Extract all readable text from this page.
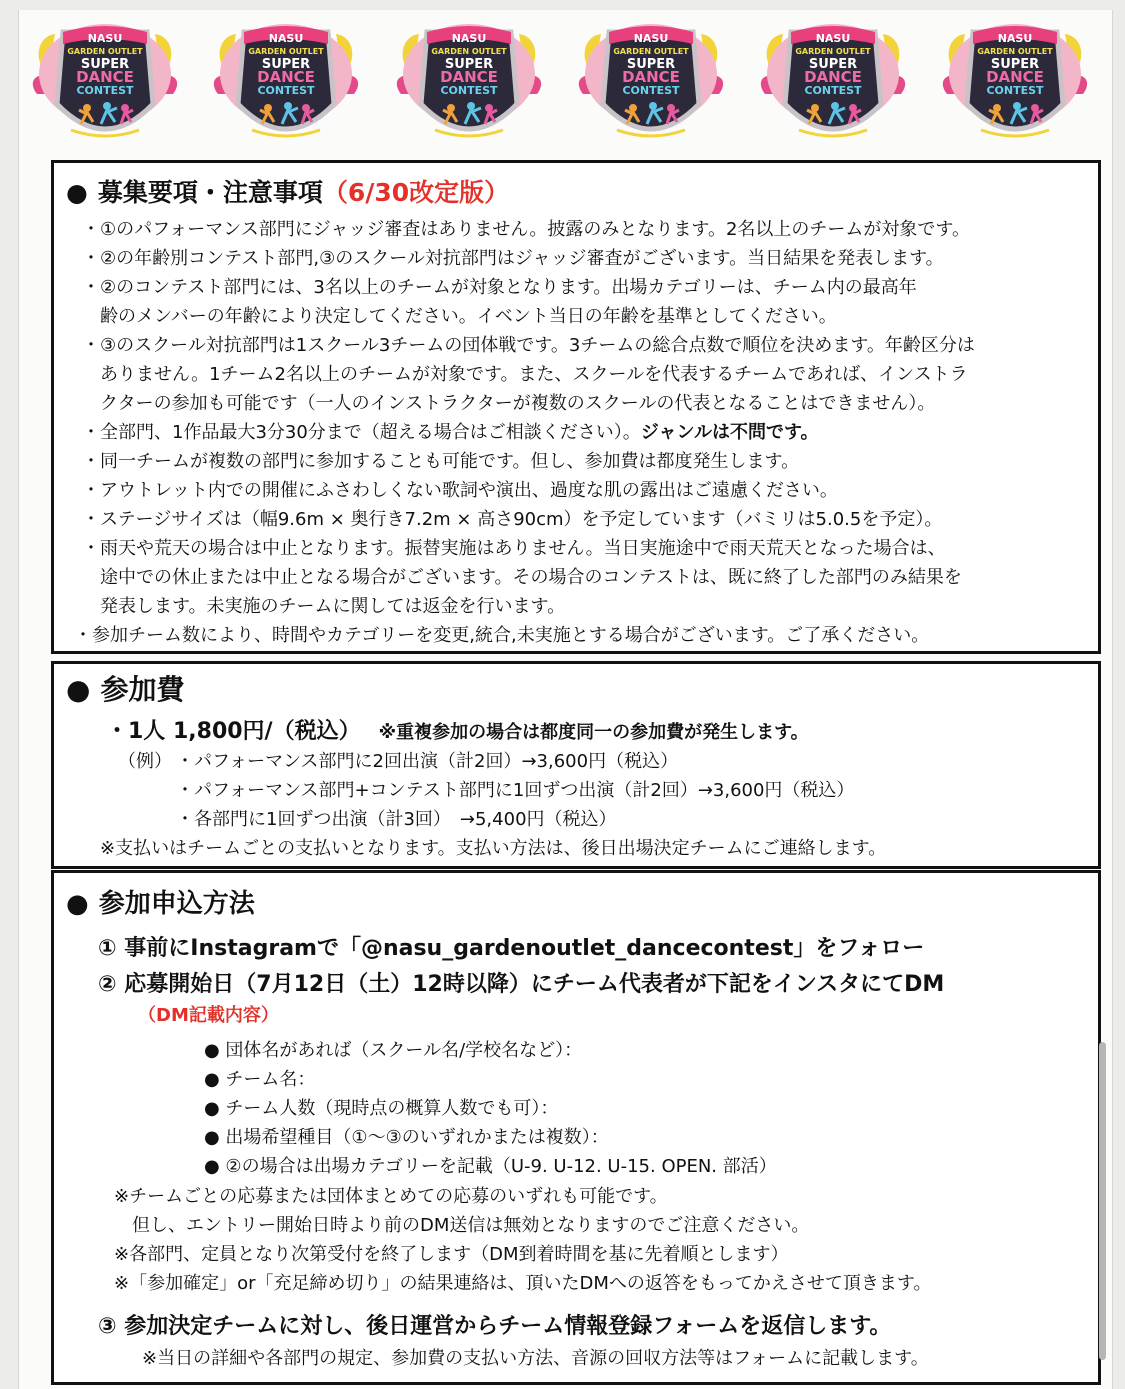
NASU
GARDEN OUTLET
SUPER
DANCE
CONTEST
NASU
GARDEN OUTLET
SUPER
DANCE
CONTEST
NASU
GARDEN OUTLET
SUPER
DANCE
CONTEST
NASU
GARDEN OUTLET
SUPER
DANCE
CONTEST
NASU
GARDEN OUTLET
SUPER
DANCE
CONTEST
NASU
GARDEN OUTLET
SUPER
DANCE
CONTEST
● 募集要項・注意事項（6/30改定版）
・①のパフォーマンス部門にジャッジ審査はありません。披露のみとなります。2名以上のチームが対象です。
・②の年齢別コンテスト部門,③のスクール対抗部門はジャッジ審査がございます。当日結果を発表します。
・②のコンテスト部門には、3名以上のチームが対象となります。出場カテゴリーは、チーム内の最高年
　齢のメンバーの年齢により決定してください。イベント当日の年齢を基準としてください。
・③のスクール対抗部門は1スクール3チームの団体戦です。3チームの総合点数で順位を決めます。年齢区分は
　ありません。1チーム2名以上のチームが対象です。また、スクールを代表するチームであれば、インストラ
　クターの参加も可能です（一人のインストラクターが複数のスクールの代表となることはできません）。
・全部門、1作品最大3分30分まで（超える場合はご相談ください）。ジャンルは不問です。
・同一チームが複数の部門に参加することも可能です。但し、参加費は都度発生します。
・アウトレット内での開催にふさわしくない歌詞や演出、過度な肌の露出はご遠慮ください。
・ステージサイズは（幅9.6m × 奥行き7.2m × 高さ90cm）を予定しています（バミリは5.0.5を予定）。
・雨天や荒天の場合は中止となります。振替実施はありません。当日実施途中で雨天荒天となった場合は、
　途中での休止または中止となる場合がございます。その場合のコンテストは、既に終了した部門のみ結果を
　発表します。未実施のチームに関しては返金を行います。
・参加チーム数により、時間やカテゴリーを変更,統合,未実施とする場合がございます。ご了承ください。
● 参加費
・1人 1,800円/（税込） ※重複参加の場合は都度同一の参加費が発生します。
（例） ・パフォーマンス部門に2回出演（計2回）→3,600円（税込）
・パフォーマンス部門+コンテスト部門に1回ずつ出演（計2回）→3,600円（税込）
・各部門に1回ずつ出演（計3回）　→5,400円（税込）
※支払いはチームごとの支払いとなります。支払い方法は、後日出場決定チームにご連絡します。
● 参加申込方法
① 事前にInstagramで「@nasu_gardenoutlet_dancecontest」をフォロー
② 応募開始日（7月12日（土）12時以降）にチーム代表者が下記をインスタにてDM
（DM記載内容）
● 団体名があれば（スクール名/学校名など）：
● チーム名：
● チーム人数（現時点の概算人数でも可）：
● 出場希望種目（①～③のいずれかまたは複数）：
● ②の場合は出場カテゴリーを記載（U-9. U-12. U-15. OPEN. 部活）
※チームごとの応募または団体まとめての応募のいずれも可能です。
　但し、エントリー開始日時より前のDM送信は無効となりますのでご注意ください。
※各部門、定員となり次第受付を終了します（DM到着時間を基に先着順とします）
※「参加確定」or「充足締め切り」の結果連絡は、頂いたDMへの返答をもってかえさせて頂きます。
③ 参加決定チームに対し、後日運営からチーム情報登録フォームを返信します。
※当日の詳細や各部門の規定、参加費の支払い方法、音源の回収方法等はフォームに記載します。
